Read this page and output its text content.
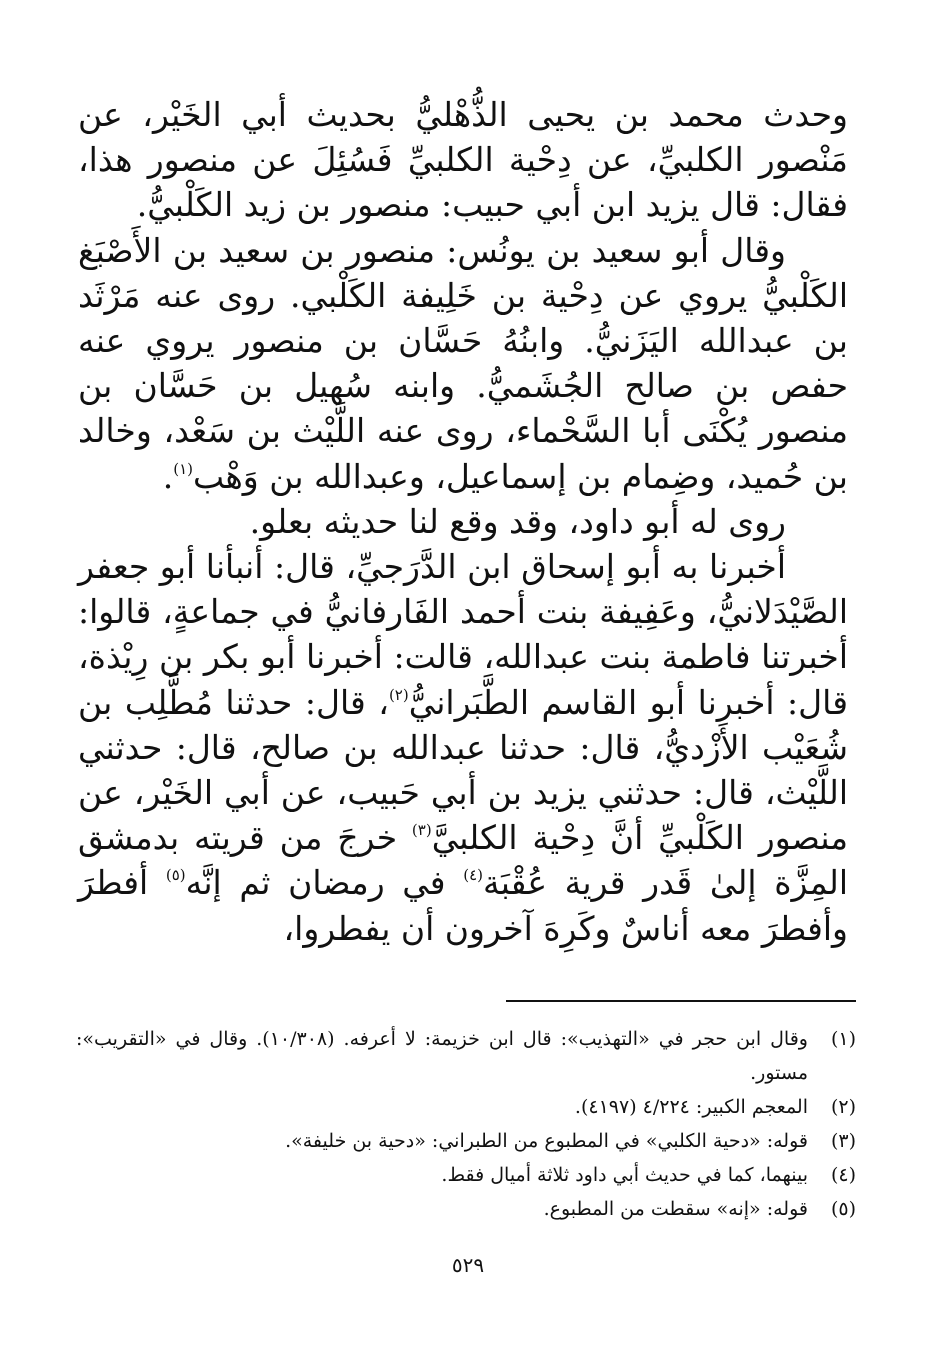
وحدث محمد بن يحيى الذُّهْليُّ بحديث أبي الخَيْر، عن مَنْصور الكلبيِّ، عن دِحْية الكلبيِّ فَسُئِلَ عن منصور هذا، فقال: قال يزيد ابن أبي حبيب: منصور بن زيد الكَلْبيُّ.

وقال أبو سعيد بن يونُس: منصور بن سعيد بن الأَصْبَغ الكَلْبيُّ يروي عن دِحْية بن خَلِيفة الكَلْبي. روى عنه مَرْثَد بن عبدالله اليَزَنيُّ. وابنُهُ حَسَّان بن منصور يروي عنه حفص بن صالح الجُشَميُّ. وابنه سُهيل بن حَسَّان بن منصور يُكْنَى أبا السَّحْماء، روى عنه اللَّيْث بن سَعْد، وخالد بن حُميد، وضِمام بن إسماعيل، وعبدالله بن وَهْب$^{(١)}$.

روى له أبو داود، وقد وقع لنا حديثه بعلو.

أخبرنا به أبو إسحاق ابن الدَّرَجيِّ، قال: أنبأنا أبو جعفر الصَّيْدَلانيُّ، وعَفِيفة بنت أحمد الفَارفانيُّ في جماعةٍ، قالوا: أخبرتنا فاطمة بنت عبدالله، قالت: أخبرنا أبو بكر بن رِيْذة، قال: أخبرنا أبو القاسم الطَّبَرانيُّ$^{(٢)}$، قال: حدثنا مُطَّلِب بن شُعَيْب الأَزْديُّ، قال: حدثنا عبدالله بن صالح، قال: حدثني اللَّيْث، قال: حدثني يزيد بن أبي حَبيب، عن أبي الخَيْر، عن منصور الكَلْبيِّ أنَّ دِحْية الكلبيَّ$^{(٣)}$ خرجَ من قريته بدمشق المِزَّة إلىٰ قَدر قرية عُقْبَة$^{(٤)}$ في رمضان ثم إنَّه$^{(٥)}$ أفطرَ وأفطرَ معه أناسٌ وكَرِهَ آخرون أن يفطروا،

(١)
وقال ابن حجر في «التهذيب»: قال ابن خزيمة: لا أعرفه. (١٠/٣٠٨). وقال في «التقريب»: مستور.
(٢)
المعجم الكبير: ٤/٢٢٤ (٤١٩٧).
(٣)
قوله: «دحية الكلبي» في المطبوع من الطبراني: «دحية بن خليفة».
(٤)
بينهما، كما في حديث أبي داود ثلاثة أميال فقط.
(٥)
قوله: «إنه» سقطت من المطبوع.
٥٢٩
